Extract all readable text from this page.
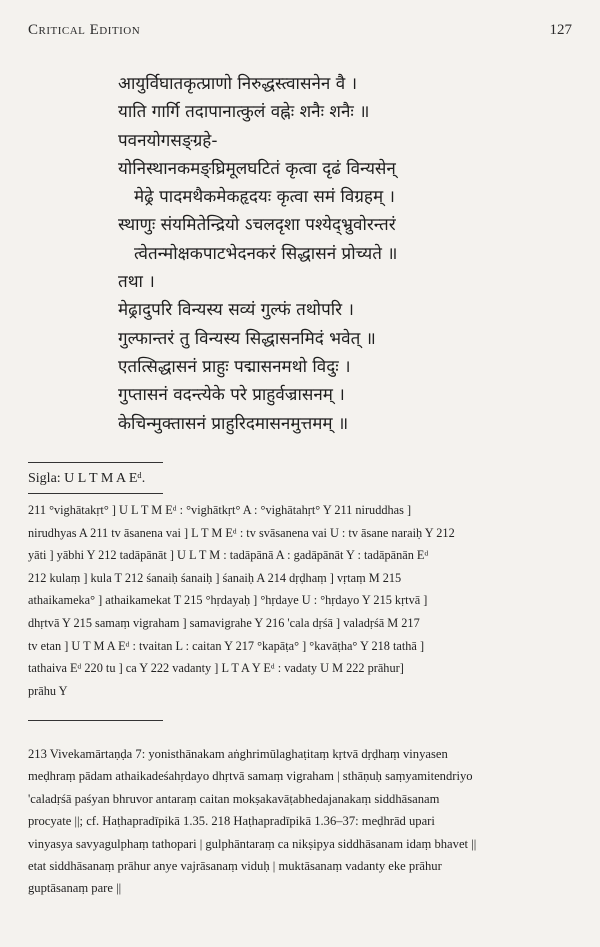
Critical Edition	127
आयुर्विघातकृत्प्राणो निरुद्धस्त्वासनेन वै ।
याति गार्गि तदापानात्कुलं वह्नेः शनैः शनैः ॥
पवनयोगसङ्ग्रहे-
योनिस्थानकमङ्घ्रिमूलघटितं कृत्वा दृढं विन्यसेन्
मेढ्रे पादमथैकमेकहृदयः कृत्वा समं विग्रहम् ।
स्थाणुः संयमितेन्द्रियो ऽचलदृशा पश्येद्भ्रुवोरन्तरं
त्वेतन्मोक्षकपाटभेदनकरं सिद्धासनं प्रोच्यते ॥
तथा ।
मेढ्रादुपरि विन्यस्य सव्यं गुल्फं तथोपरि ।
गुल्फान्तरं तु विन्यस्य सिद्धासनमिदं भवेत् ॥
एतत्सिद्धासनं प्राहुः पद्मासनमथो विदुः ।
गुप्तासनं वदन्त्येके परे प्राहुर्वज्रासनम् ।
केचिन्मुक्तासनं प्राहुरिदमासनमुत्तमम् ॥
Sigla: U L T M A Eᵈ.
211 °vighātakṛt° ] U L T M Eᵈ : °vighātkṛt° A : °vighātahṛt° Y 211 niruddhas ]
nirudhyas A 211 tv āsanena vai ] L T M Eᵈ : tv svāsanena vai U : tv āsane naraiḥ Y 212
yāti ] yābhi Y 212 tadāpānāt ] U L T M : tadāpānā A : gadāpānāt Y : tadāpānān Eᵈ
212 kulaṃ ] kula T 212 śanaiḥ śanaiḥ ] śanaiḥ A 214 dṛḍhaṃ ] vṛtaṃ M 215
athaikameka° ] athaikamekat T 215 °hṛdayaḥ ] °hṛdaye U : °hṛdayo Y 215 kṛtvā ]
dhṛtvā Y 215 samaṃ vigraham ] samavigrahe Y 216 'cala dṛśā ] valadṛśā M 217
tv etan ] U T M A Eᵈ : tvaitan L : caitan Y 217 °kapāṭa° ] °kavāṭha° Y 218 tathā ]
tathaiva Eᵈ 220 tu ] ca Y 222 vadanty ] L T A Y Eᵈ : vadaty U M 222 prāhur]
prāhu Y
213 Vivekamārtaṇḍa 7: yonisthānakam aṅghrimūlaghaṭitaṃ kṛtvā dṛḍhaṃ vinyasen
meḍhraṃ pādam athaikadeśahṛdayo dhṛtvā samaṃ vigraham | sthāṇuḥ saṃyamitendriyo
'caladṛśā paśyan bhruvor antaraṃ caitan mokṣakavāṭabhedajanakaṃ siddhāsanam
procyate ||; cf. Haṭhapradīpikā 1.35. 218 Haṭhapradīpikā 1.36–37: meḍhrād upari
vinyasya savyagulphaṃ tathopari | gulphāntaraṃ ca nikṣipya siddhāsanam idaṃ bhavet ||
etat siddhāsanaṃ prāhur anye vajrāsanaṃ viduḥ | muktāsanaṃ vadanty eke prāhur
guptāsanaṃ pare ||
